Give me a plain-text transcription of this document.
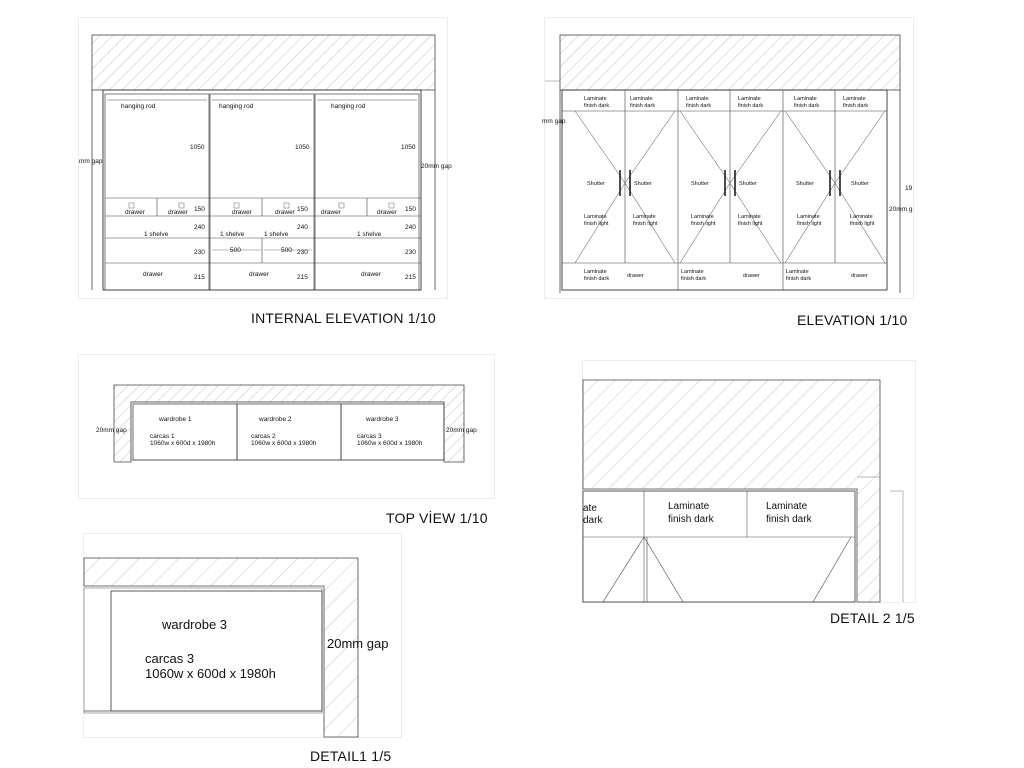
hanging rod	hanging rod	hanging rod
1050	1050	1050
drawer	drawer	drawer	drawer	drawer	drawer
150	150	150
240	240	240
1 shelve	1 shelve	1 shelve	1 shelve
500	500
230	230	230
drawer	drawer	drawer
215	215	215
mm gap
20mm gap
INTERNAL ELEVATION 1/10
Laminate
finish dark
Laminate
finish dark
Laminate
finish dark
Laminate
finish dark
Laminate
finish dark
Laminate
finish dark
Shutter	Shutter	Shutter	Shutter	Shutter	Shutter
Laminate
finish light
Laminate
finish light
Laminate
finish light
Laminate
finish light
Laminate
finish light
Laminate
finish light
Laminate
finish dark	drawer
Laminate
finish dark	drawer
Laminate
finish dark	drawer
mm gap
20mm g
19
ELEVATION 1/10
wardrobe 1	wardrobe 2	wardrobe 3
carcas 1
1060w x 600d x 1980h
carcas 2
1060w x 600d x 1980h
carcas 3
1060w x 600d x 1980h
20mm gap	20mm gap
TOP VİEW 1/10
ate
dark
Laminate
finish dark
Laminate
finish dark
DETAIL 2 1/5
wardrobe 3
carcas 3
1060w x 600d x 1980h
20mm gap
DETAIL1 1/5
